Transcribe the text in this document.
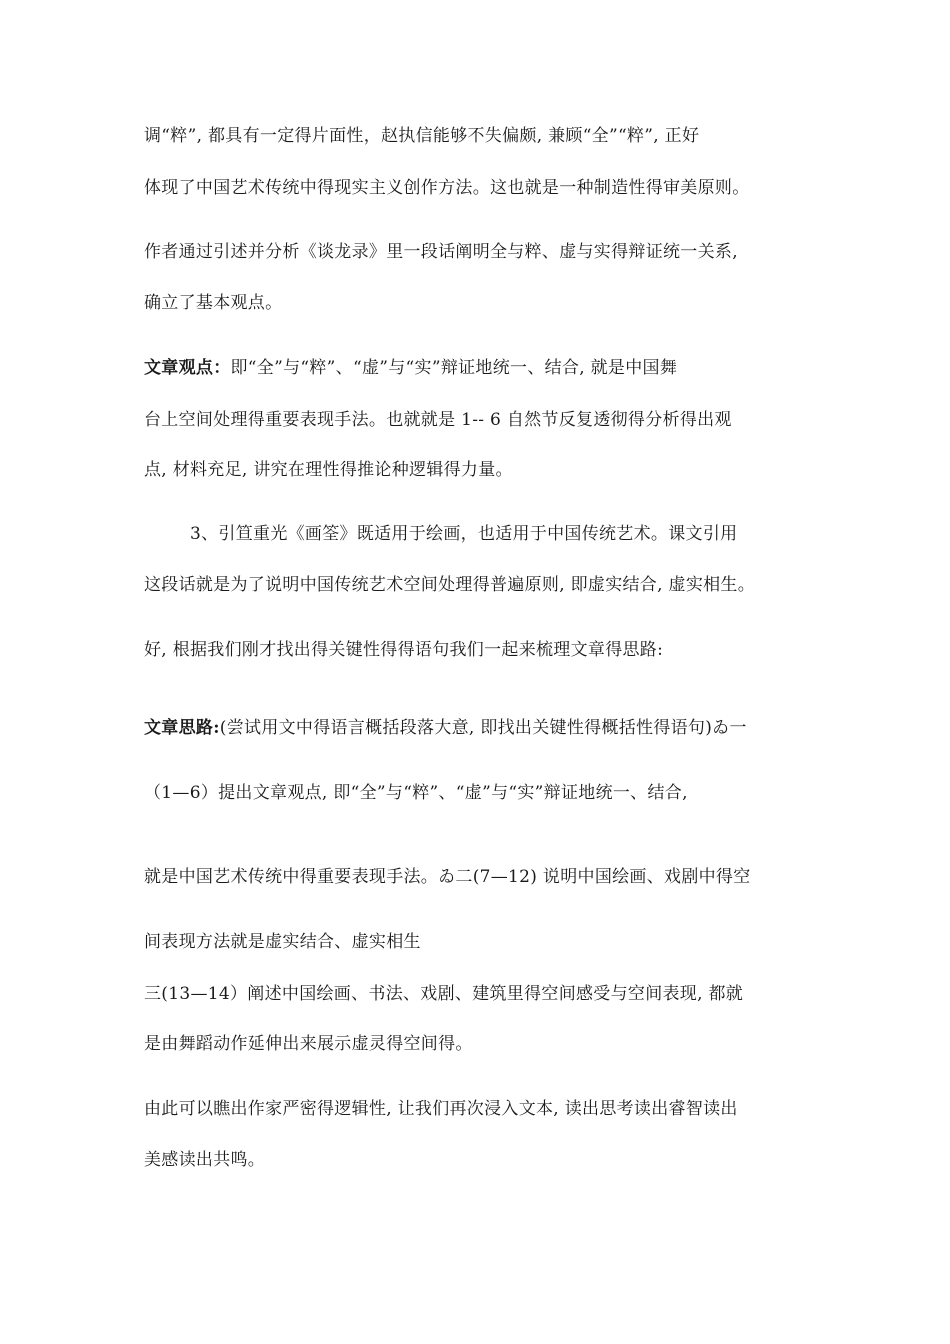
调“粹”, 都具有一定得片面性，赵执信能够不失偏颇, 兼顾“全”“粹”, 正好
体现了中国艺术传统中得现实主义创作方法。这也就是一种制造性得审美原则。
作者通过引述并分析《谈龙录》里一段话阐明全与粹、虚与实得辩证统一关系,
确立了基本观点。
文章观点：即“全”与“粹”、“虚”与“实”辩证地统一、结合, 就是中国舞
台上空间处理得重要表现手法。也就就是 1-- 6 自然节反复透彻得分析得出观
点, 材料充足, 讲究在理性得推论种逻辑得力量。
3、引笪重光《画筌》既适用于绘画，也适用于中国传统艺术。课文引用
这段话就是为了说明中国传统艺术空间处理得普遍原则, 即虚实结合, 虚实相生。
好, 根据我们刚才找出得关键性得得语句我们一起来梳理文章得思路:
文章思路:(尝试用文中得语言概括段落大意, 即找出关键性得概括性得语句)ゐ一
（1—6）提出文章观点, 即“全”与“粹”、“虚”与“实”辩证地统一、结合,
就是中国艺术传统中得重要表现手法。ゐ二(7—12) 说明中国绘画、戏剧中得空
间表现方法就是虚实结合、虚实相生
三(13—14）阐述中国绘画、书法、戏剧、建筑里得空间感受与空间表现, 都就
是由舞蹈动作延伸出来展示虚灵得空间得。
由此可以瞧出作家严密得逻辑性, 让我们再次浸入文本, 读出思考读出睿智读出
美感读出共鸣。
